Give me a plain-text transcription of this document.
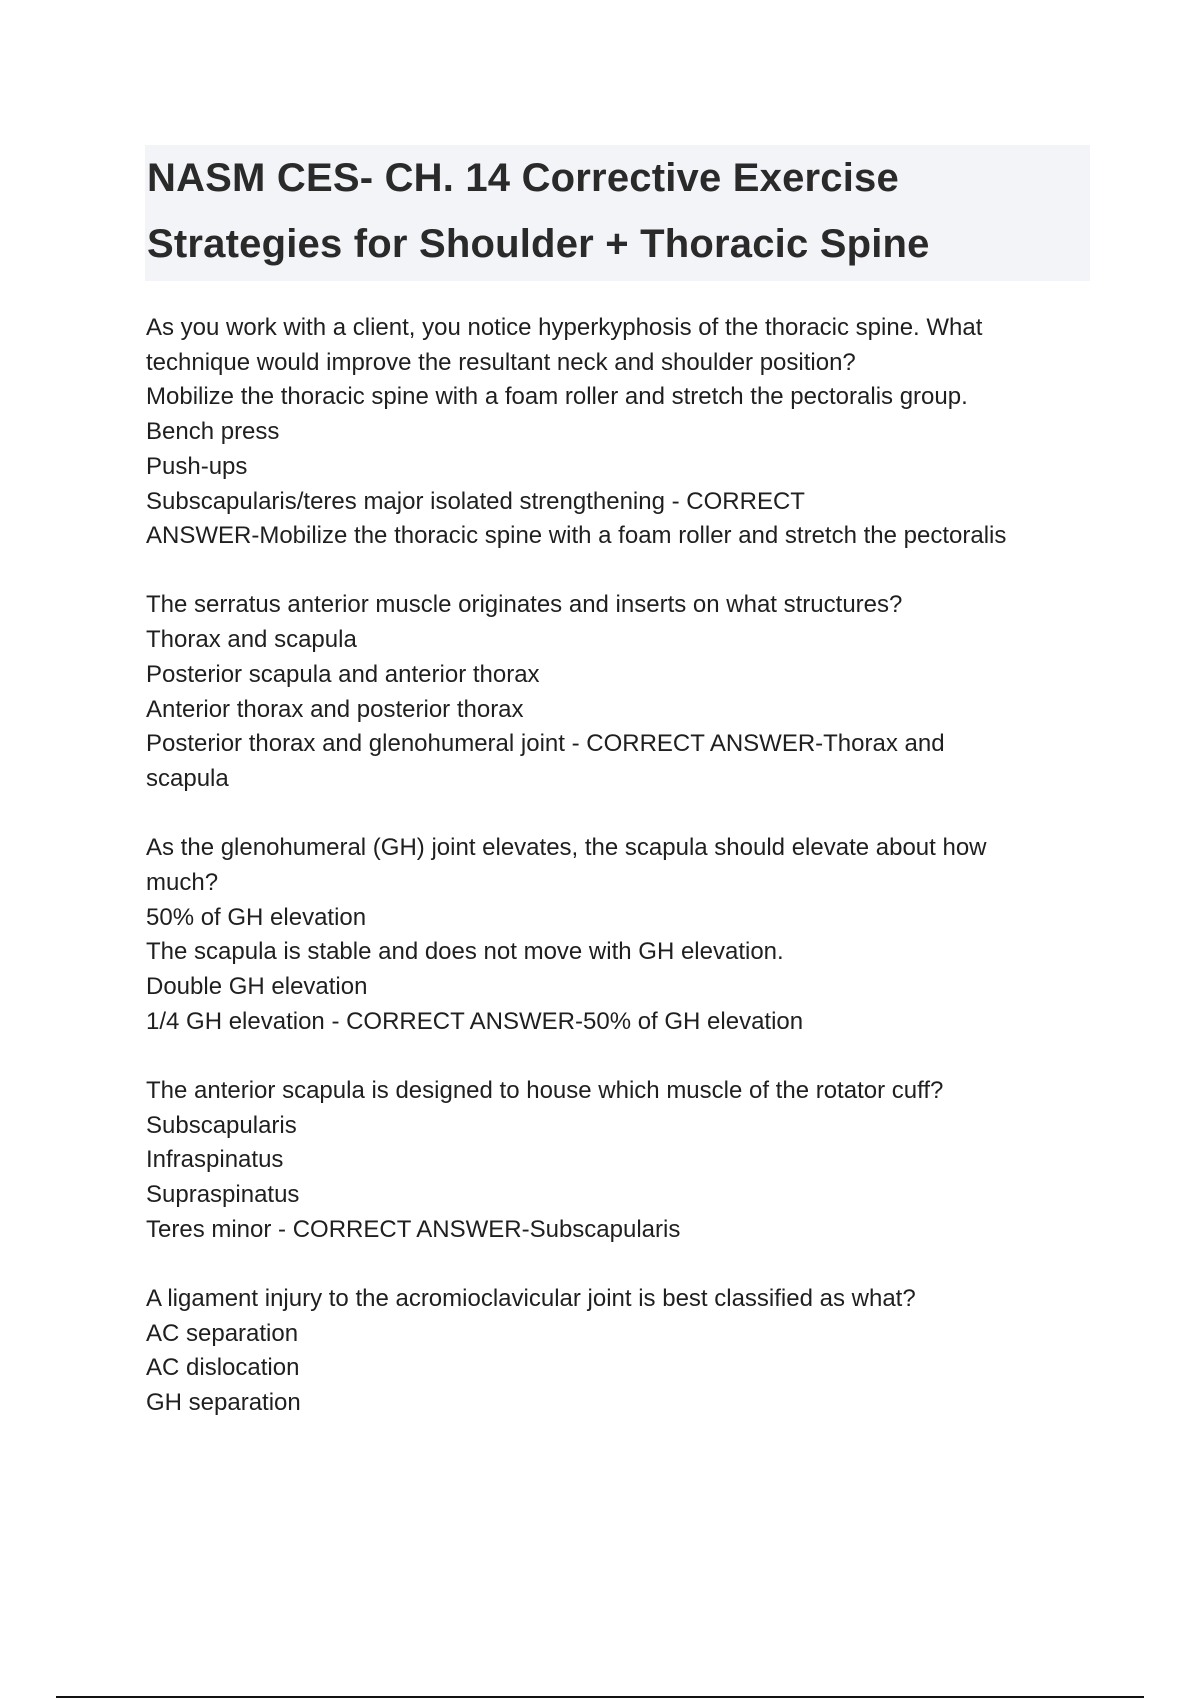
NASM CES- CH. 14 Corrective Exercise
Strategies for Shoulder + Thoracic Spine
As you work with a client, you notice hyperkyphosis of the thoracic spine. What
technique would improve the resultant neck and shoulder position?
Mobilize the thoracic spine with a foam roller and stretch the pectoralis group.
Bench press
Push-ups
Subscapularis/teres major isolated strengthening - CORRECT
ANSWER-Mobilize the thoracic spine with a foam roller and stretch the pectoralis
The serratus anterior muscle originates and inserts on what structures?
Thorax and scapula
Posterior scapula and anterior thorax
Anterior thorax and posterior thorax
Posterior thorax and glenohumeral joint - CORRECT ANSWER-Thorax and
scapula
As the glenohumeral (GH) joint elevates, the scapula should elevate about how
much?
50% of GH elevation
The scapula is stable and does not move with GH elevation.
Double GH elevation
1/4 GH elevation - CORRECT ANSWER-50% of GH elevation
The anterior scapula is designed to house which muscle of the rotator cuff?
Subscapularis
Infraspinatus
Supraspinatus
Teres minor - CORRECT ANSWER-Subscapularis
A ligament injury to the acromioclavicular joint is best classified as what?
AC separation
AC dislocation
GH separation
